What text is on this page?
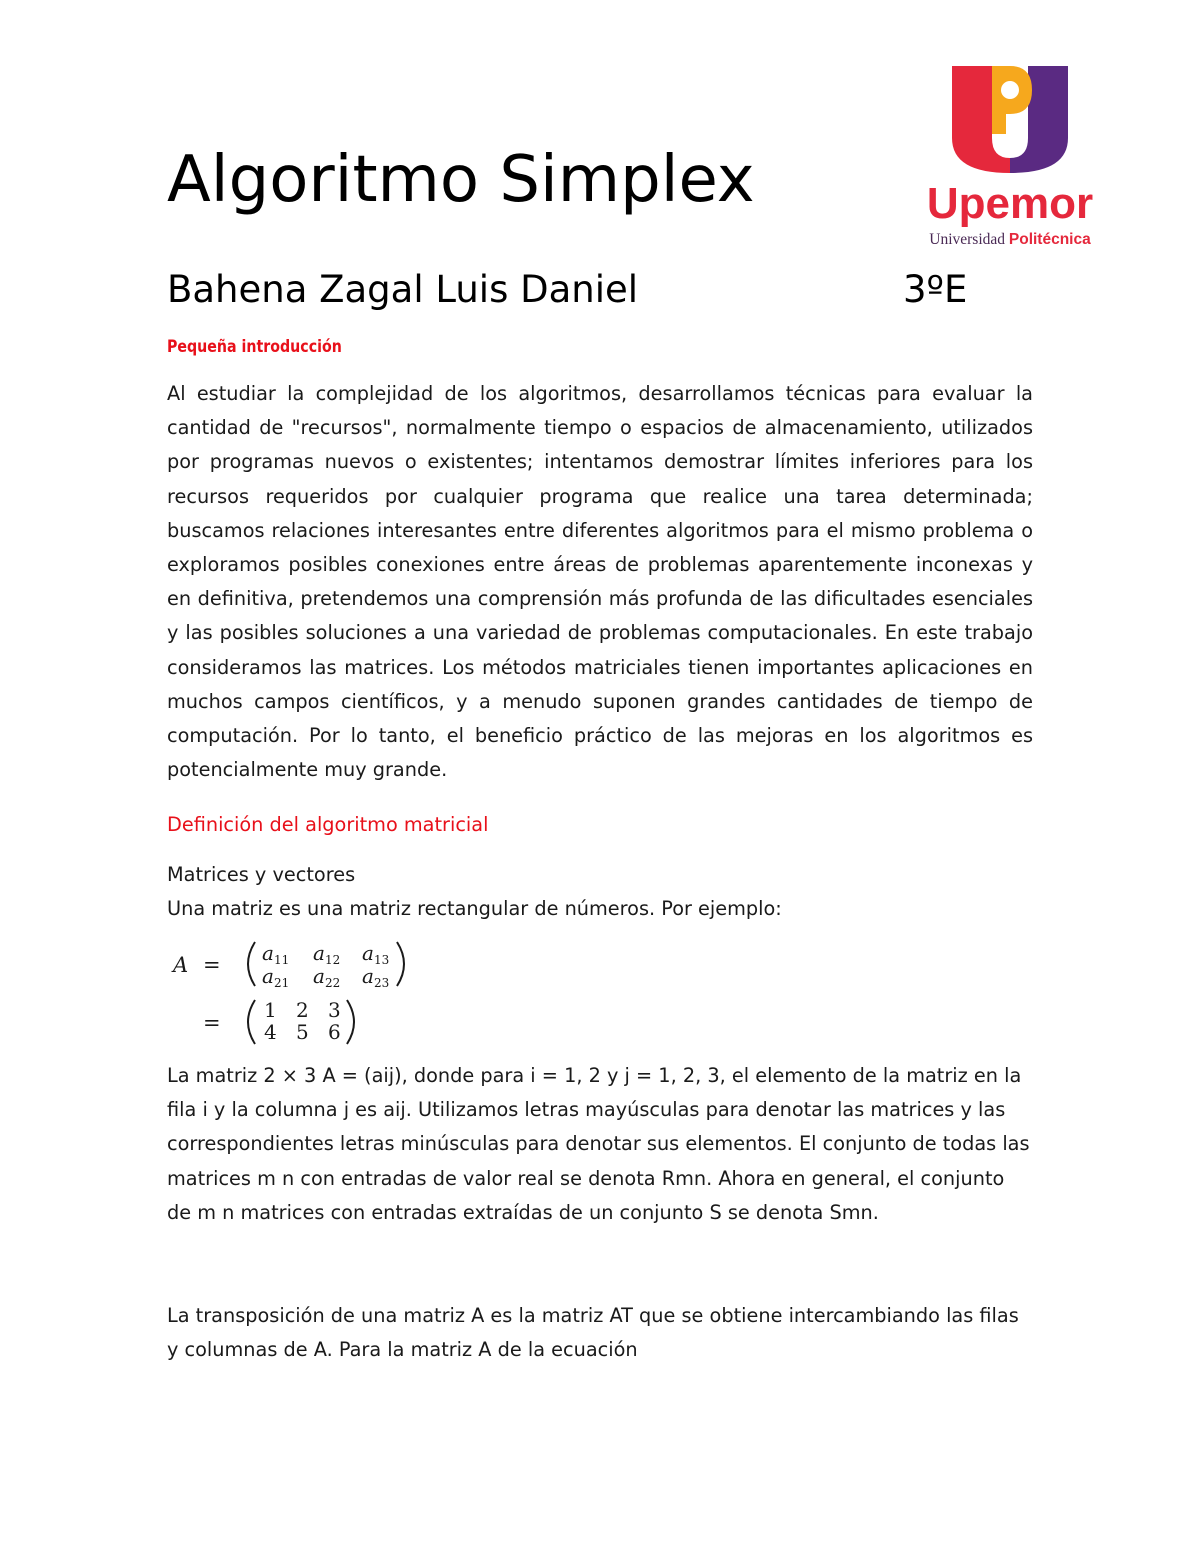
Algoritmo Simplex
Bahena Zagal Luis Daniel	3ºE
Upemor
Universidad Politécnica
Pequeña introducción
Al estudiar la complejidad de los algoritmos, desarrollamos técnicas para evaluar la cantidad de "recursos", normalmente tiempo o espacios de almacenamiento, utilizados por programas nuevos o existentes; intentamos demostrar límites inferiores para los recursos requeridos por cualquier programa que realice una tarea determinada; buscamos relaciones interesantes entre diferentes algoritmos para el mismo problema o exploramos posibles conexiones entre áreas de problemas aparentemente inconexas y en definitiva, pretendemos una comprensión más profunda de las dificultades esenciales y las posibles soluciones a una variedad de problemas computacionales. En este trabajo consideramos las matrices. Los métodos matriciales tienen importantes aplicaciones en muchos campos científicos, y a menudo suponen grandes cantidades de tiempo de computación. Por lo tanto, el beneficio práctico de las mejoras en los algoritmos es potencialmente muy grande.
Definición del algoritmo matricial
Matrices y vectores
Una matriz es una matriz rectangular de números. Por ejemplo:
$A = a_{11}$ $a_{12}$ $a_{13}$
$a_{21}$ $a_{22}$ $a_{23}$
=
1 2 3
4 5 6
La matriz 2 × 3 A = (aij), donde para i = 1, 2 y j = 1, 2, 3, el elemento de la matriz en la fila i y la columna j es aij. Utilizamos letras mayúsculas para denotar las matrices y las correspondientes letras minúsculas para denotar sus elementos. El conjunto de todas las matrices m n con entradas de valor real se denota Rmn. Ahora en general, el conjunto de m n matrices con entradas extraídas de un conjunto S se denota Smn.
La transposición de una matriz A es la matriz AT que se obtiene intercambiando las filas y columnas de A. Para la matriz A de la ecuación
